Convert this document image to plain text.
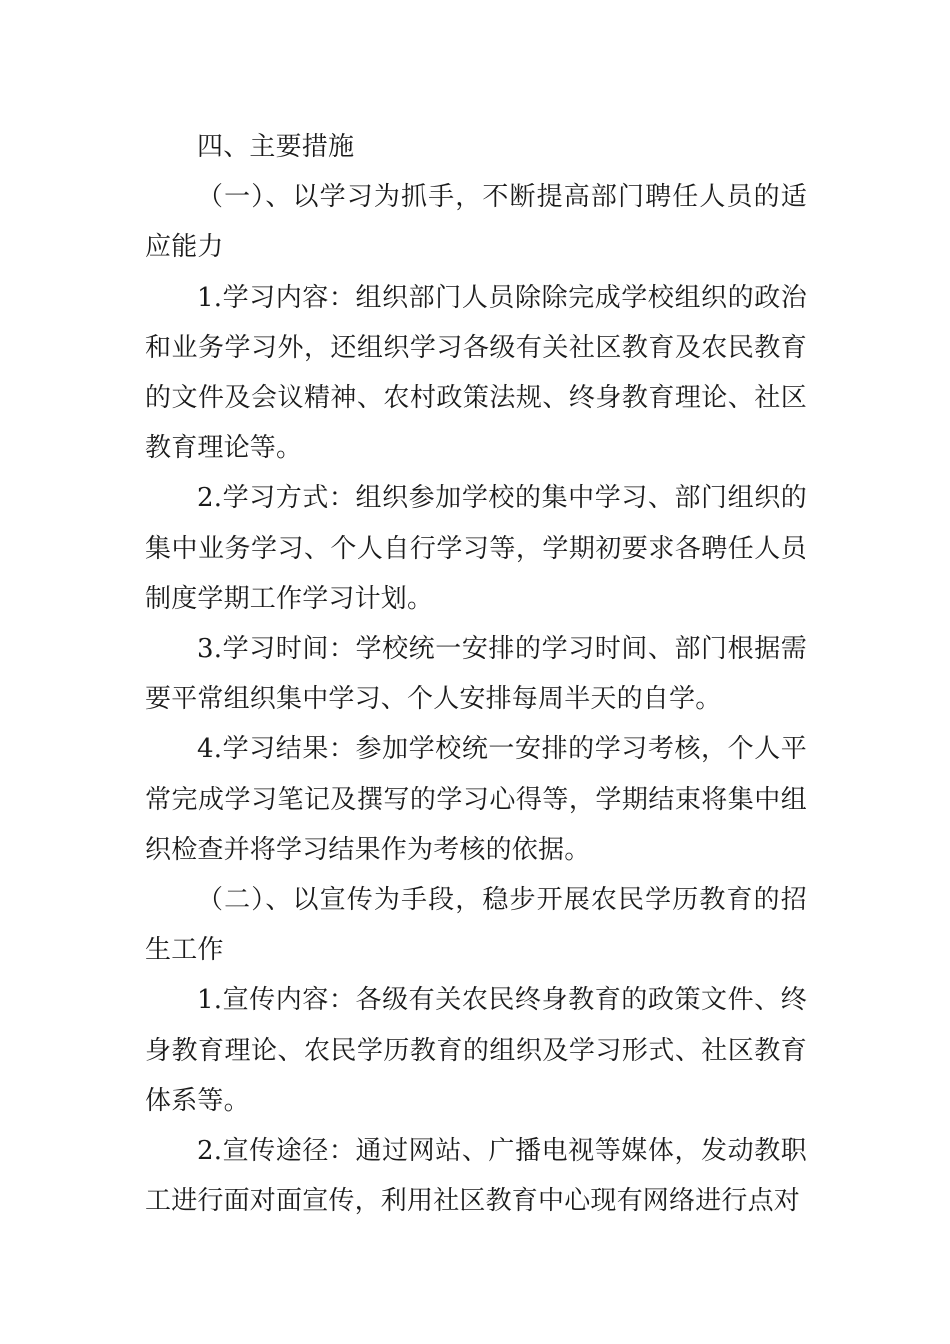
四、主要措施

（一）、以学习为抓手，不断提高部门聘任人员的适应能力

1.学习内容：组织部门人员除除完成学校组织的政治和业务学习外，还组织学习各级有关社区教育及农民教育的文件及会议精神、农村政策法规、终身教育理论、社区教育理论等。

2.学习方式：组织参加学校的集中学习、部门组织的集中业务学习、个人自行学习等，学期初要求各聘任人员制度学期工作学习计划。

3.学习时间：学校统一安排的学习时间、部门根据需要平常组织集中学习、个人安排每周半天的自学。

4.学习结果：参加学校统一安排的学习考核，个人平常完成学习笔记及撰写的学习心得等，学期结束将集中组织检查并将学习结果作为考核的依据。

（二）、以宣传为手段，稳步开展农民学历教育的招生工作

1.宣传内容：各级有关农民终身教育的政策文件、终身教育理论、农民学历教育的组织及学习形式、社区教育体系等。

2.宣传途径：通过网站、广播电视等媒体，发动教职工进行面对面宣传，利用社区教育中心现有网络进行点对
